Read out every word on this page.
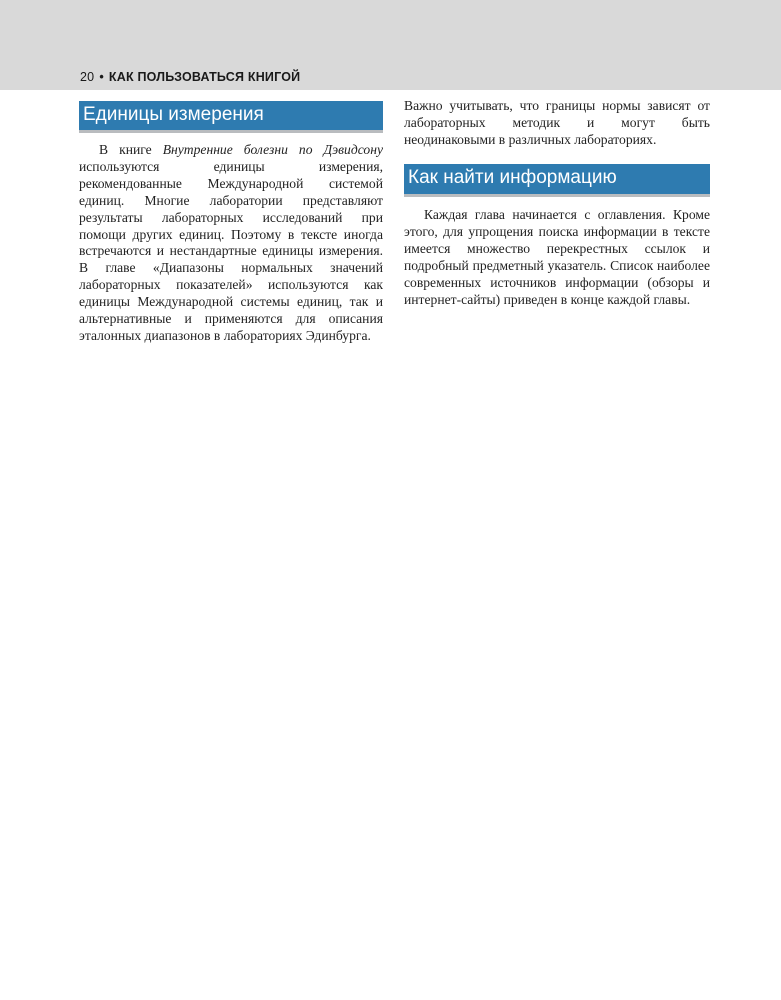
20 • КАК ПОЛЬЗОВАТЬСЯ КНИГОЙ
Единицы измерения

В книге Внутренние болезни по Дэвидсону используются единицы измерения, рекомендованные Международной системой единиц. Многие лаборатории представляют результаты лабораторных исследований при помощи других единиц. Поэтому в тексте иногда встречаются и нестандартные единицы измерения. В главе «Диапазоны нормальных значений лабораторных показателей» используются как единицы Международной системы единиц, так и альтернативные и применяются для описания эталонных диапазонов в лабораториях Эдинбурга.

Важно учитывать, что границы нормы зависят от лабораторных методик и могут быть неодинаковыми в различных лабораториях.

Как найти информацию

Каждая глава начинается с оглавления. Кроме этого, для упрощения поиска информации в тексте имеется множество перекрестных ссылок и подробный предметный указатель. Список наиболее современных источников информации (обзоры и интернет-сайты) приведен в конце каждой главы.
